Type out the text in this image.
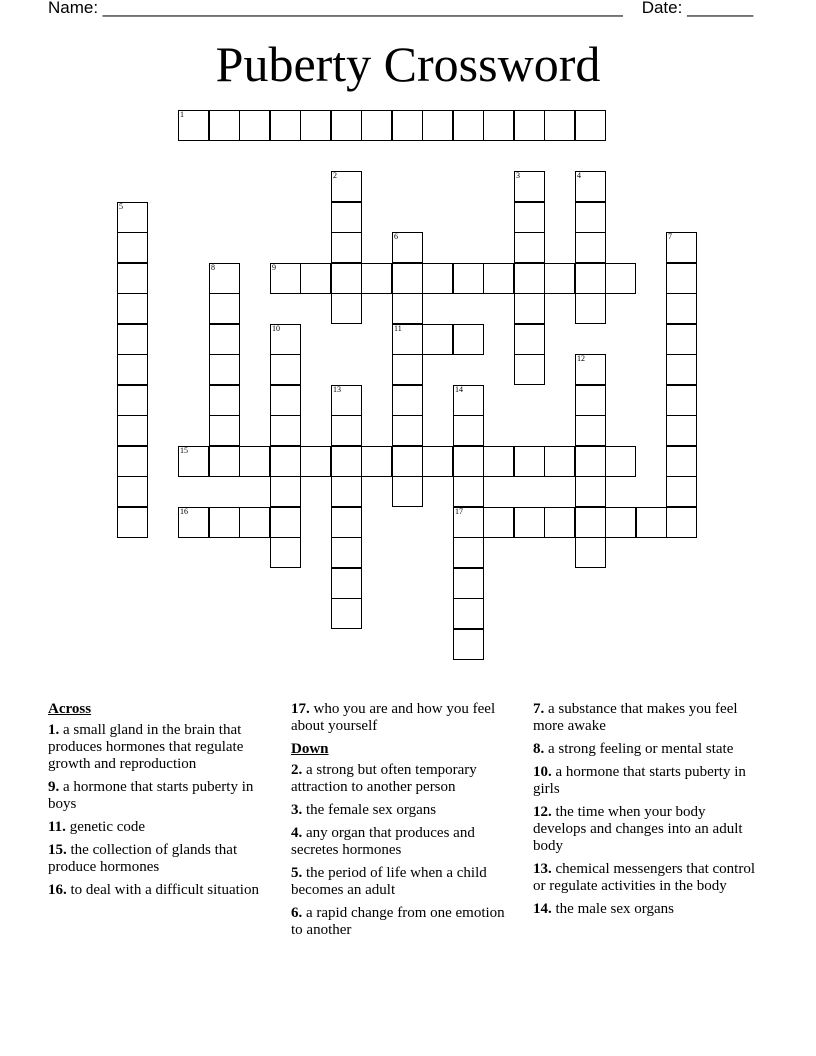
Name: _______________________________________________________    Date: _______
Puberty Crossword
1
2	3	4
5
6
11
7
8	9
10
12
13	14
17
15
16
Across
1. a small gland in the brain that produces hormones that regulate growth and reproduction
9. a hormone that starts puberty in boys
11. genetic code
15. the collection of glands that produce hormones
16. to deal with a difficult situation
17. who you are and how you feel about yourself
Down
2. a strong but often temporary attraction to another person
3. the female sex organs
4. any organ that produces and secretes hormones
5. the period of life when a child becomes an adult
6. a rapid change from one emotion to another
7. a substance that makes you feel more awake
8. a strong feeling or mental state
10. a hormone that starts puberty in girls
12. the time when your body develops and changes into an adult body
13. chemical messengers that control or regulate activities in the body
14. the male sex organs
